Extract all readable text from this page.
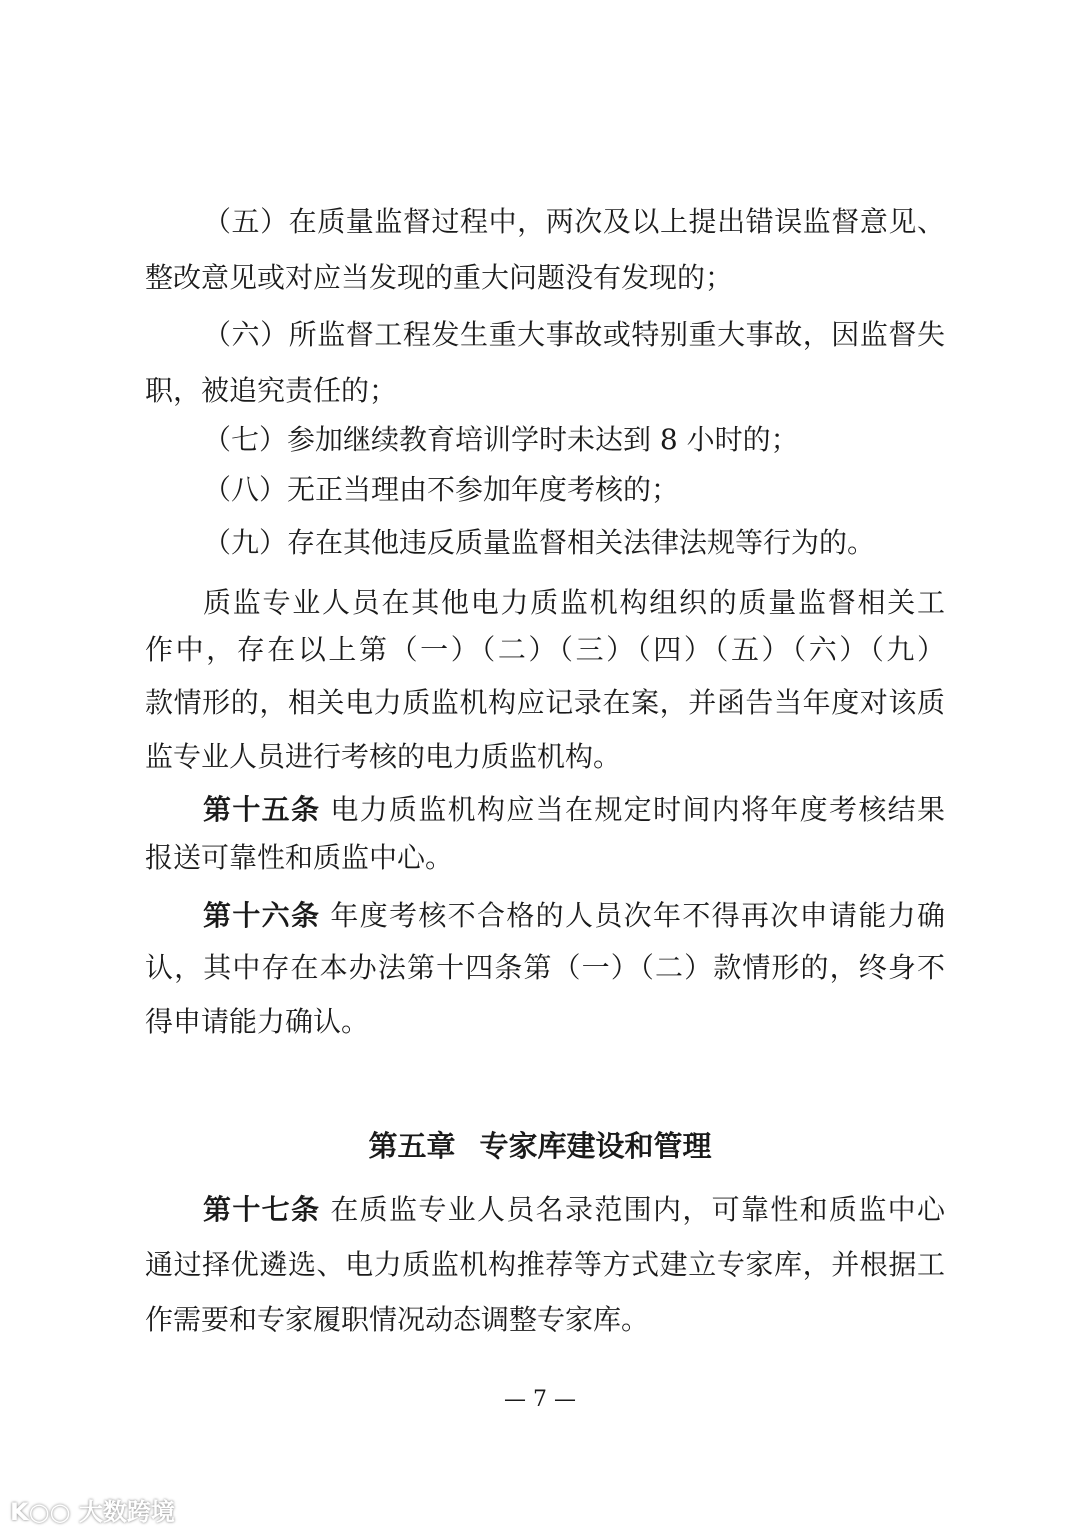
（五）在质量监督过程中，两次及以上提出错误监督意见、
整改意见或对应当发现的重大问题没有发现的；
（六）所监督工程发生重大事故或特别重大事故，因监督失
职，被追究责任的；
（七）参加继续教育培训学时未达到 8 小时的；
（八）无正当理由不参加年度考核的；
（九）存在其他违反质量监督相关法律法规等行为的。
质监专业人员在其他电力质监机构组织的质量监督相关工
作中，存在以上第（一）（二）（三）（四）（五）（六）（九）
款情形的，相关电力质监机构应记录在案，并函告当年度对该质
监专业人员进行考核的电力质监机构。
第十五条 电力质监机构应当在规定时间内将年度考核结果
报送可靠性和质监中心。
第十六条 年度考核不合格的人员次年不得再次申请能力确
认，其中存在本办法第十四条第（一）（二）款情形的，终身不
得申请能力确认。
第五章 专家库建设和管理
第十七条 在质监专业人员名录范围内，可靠性和质监中心
通过择优遴选、电力质监机构推荐等方式建立专家库，并根据工
作需要和专家履职情况动态调整专家库。
— 7 —
K○○ 大数跨境
